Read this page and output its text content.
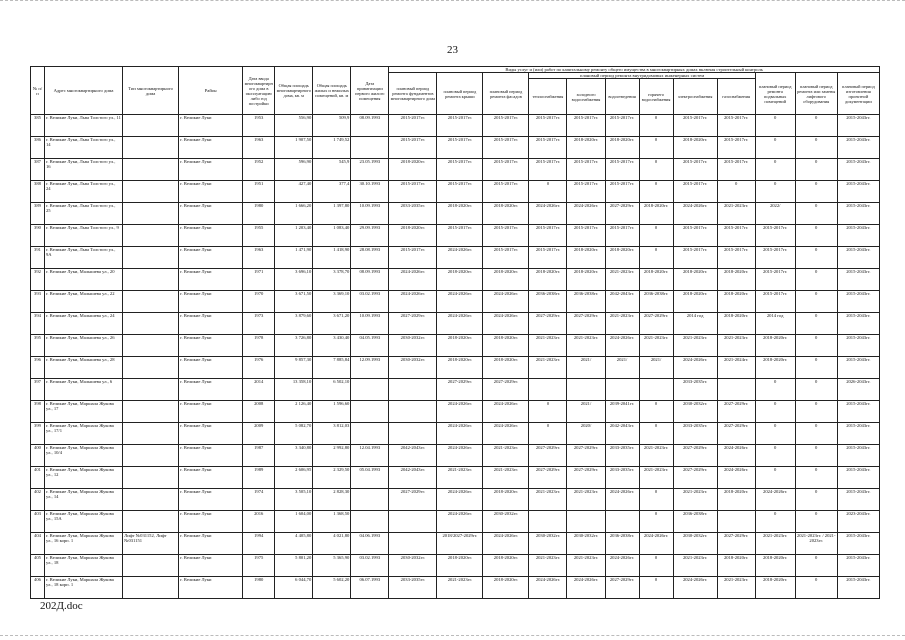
23
№ п/п	Адрес многоквартирного дома	Тип многоквартирного дома	Район	Дата ввода многоквартирного дома в эксплуатацию либо год постройки	Общая площадь многоквартирного дома, кв. м	Общая площадь жилых и нежилых помещений, кв. м	Дата приватизации первого жилого помещения	Виды услуг и (или) работ по капитальному ремонту общего имущества в многоквартирных домах включая строительный контроль											
								плановый период ремонта фундаментов многоквартирного дома	плановый период ремонта крыши	плановый период ремонта фасадов	плановый период ремонта внутридомовых инженерных систем						плановый период ремонта подвальных помещений	плановый период ремонта или замены лифтового оборудования	плановый период изготовления проектной документации
											теплоснабжения	холодного водоснабжения	водоотведения	горячего водоснабжения	электроснабжения	газоснабжения			
385	г. Великие Луки, Льва Толстого ул., 11		г. Великие Луки	1953	556,90	509,9	08.09.1993	2015-2017гг.	2015-2017гг.	2015-2017гг.	2015-2017гг.	2015-2017гг.	2015-2017гг.	0	2015-2017гг.	2015-2017гг.	0	0	2015-2043гг.
386	г. Великие Луки, Льва Толстого ул., 14		г. Великие Луки	1963	1 907,50	1 749,52		2015-2017гг.	2015-2017гг.	2015-2017гг.	2015-2017гг.	2018-2020гг.	2018-2020гг.	0	2018-2020гг.	2015-2017гг.	0	0	2015-2043гг.
387	г. Великие Луки, Льва Толстого ул., 16		г. Великие Луки	1952	596,90	545,9	23.05.1993	2018-2020гг.	2015-2017гг.	2015-2017гг.	2015-2017гг.	2015-2017гг.	2015-2017гг.	0	2015-2017гг.	2015-2017гг.	0	0	2015-2043гг.
388	г. Великие Луки, Льва Толстого ул., 24		г. Великие Луки	1951	427,40	377,4	30.10.1993	2015-2017гг.	2015-2017гг.	2015-2017гг.	0	2015-2017гг.	2015-2017гг.	0	2015-2017гг.	0	0	0	2015-2043гг.
389	г. Великие Луки, Льва Толстого ул., 25		г. Великие Луки	1980	1 666,20	1 397,80	10.09.1993	2033-2035гг.	2018-2020гг.	2018-2020гг.	2024-2026гг.	2024-2026гг.	2027-2029гг.	2018-2020гг.	2024-2026гг.	2021-2023гг.	2022/	0	2015-2043гг.
390	г. Великие Луки, Льва Толстого ул., 9		г. Великие Луки	1955	1 203,40	1 083,40	29.09.1993	2018-2020гг.	2015-2017гг.	2015-2017гг.	2015-2017гг.	2015-2017гг.	2015-2017гг.	0	2015-2017гг.	2015-2017гг.	2015-2017гг.	0	2015-2043гг.
391	г. Великие Луки, Льва Толстого ул., 9А		г. Великие Луки	1963	1 471,90	1 418,90	28.08.1993	2015-2017гг.	2024-2026гг.	2015-2017гг.	2015-2017гг.	2018-2020гг.	2018-2020гг.	0	2015-2017гг.	2015-2017гг.	2015-2017гг.	0	2015-2043гг.
392	г. Великие Луки, Малышева ул., 20		г. Великие Луки	1971	3 696,10	3 378,70	08.09.1993	2024-2026гг.	2018-2020гг.	2018-2020гг.	2018-2020гг.	2018-2020гг.	2021-2023гг.	2018-2020гг.	2018-2020гг.	2018-2020гг.	2015-2017гг.	0	2015-2043гг.
393	г. Великие Луки, Малышева ул., 22		г. Великие Луки	1970	3 671,50	3 369,10	03.02.1993	2024-2026гг.	2024-2026гг.	2024-2026гг.	2036-2038гг.	2036-2038гг.	2042-2043гг.	2036-2038гг.	2018-2020гг.	2018-2020гг.	2015-2017гг.	0	2015-2043гг.
394	г. Великие Луки, Малышева ул., 24		г. Великие Луки	1973	3 879,60	3 671,20	10.09.1993	2027-2029гг.	2024-2026гг.	2024-2026гг.	2027-2029гг.	2027-2029гг.	2021-2023гг.	2027-2029гг.	2014 год	2018-2020гг.	2014 год	0	2015-2043гг.
395	г. Великие Луки, Малышева ул., 26		г. Великие Луки	1978	3 726,80	3 430,40	04.05.1993	2030-2032гг.	2018-2020гг.	2018-2020гг.	2021-2023гг.	2021-2023гг.	2024-2026гг.	2021-2023гг.	2021-2023гг.	2021-2023гг.	2018-2020гг.	0	2015-2043гг.
396	г. Великие Луки, Малышева ул., 28		г. Великие Луки	1976	9 857,30	7 885,84	12.09.1993	2030-2032гг.	2018-2020гг.	2018-2020гг.	2021-2023гг.	2021/	2021/	2021/	2024-2026гг.	2021-2024гг.	2018-2020гг.	0	2015-2043гг.
397	г. Великие Луки, Малышева ул., 6		г. Великие Луки	2014	13 358,10	6 502,10			2027-2029гг.	2027-2029гг.					2033-2035гг.		0	0	2026-2043гг.
398	г. Великие Луки, Маршала Жукова ул., 17		г. Великие Луки	2008	2 126,40	1 596,60			2024-2026гг.	2024-2026гг.	0	2021/	2039-2041гг.	0	2030-2032гг.	2027-2029гг.	0	0	2015-2043гг.
399	г. Великие Луки, Маршала Жукова ул., 17/1		г. Великие Луки	2009	5 082,70	3 812,03			2024-2026гг.	2024-2026гг.	0	2020/	2042-2043гг.	0	2033-2035гг.	2027-2029гг.	0	0	2015-2043гг.
400	г. Великие Луки, Маршала Жукова ул., 10/4		г. Великие Луки	1987	3 340,80	2 992,80	12.04.1993	2042-2043гг.	2024-2026гг.	2021-2023гг.	2027-2029гг.	2027-2029гг.	2033-2035гг.	2021-2023гг.	2027-2029гг.	2024-2026гг.	0	0	2015-2043гг.
401	г. Великие Луки, Маршала Жукова ул., 12		г. Великие Луки	1989	2 606,95	2 329,50	05.04.1993	2042-2043гг.	2021-2023гг.	2021-2023гг.	2027-2029гг.	2027-2029гг.	2033-2035гг.	2021-2023гг.	2027-2029гг.	2024-2026гг.	0	0	2015-2043гг.
402	г. Великие Луки, Маршала Жукова ул., 14		г. Великие Луки	1974	3 505,10	2 828,30		2027-2029гг.	2024-2026гг.	2018-2020гг.	2021-2023гг.	2021-2023гг.	2024-2026гг.	0	2021-2023гг.	2018-2020гг.	2024-2026гг.	0	2015-2043гг.
403	г. Великие Луки, Маршала Жукова ул., 15А		г. Великие Луки	2016	1 604,00	1 368,50			2024-2026гг.	2030-2032гг.				0	2036-2038гг.		0	0	2023-2043гг.
404	г. Великие Луки, Маршала Жукова ул., 16 корп. 1	Лифт №031152, Лифт №031151	г. Великие Луки	1994	4 405,80	4 021,80	04.06.1993		2018/2027-2029гг.	2024-2026гг.	2030-2032гг.	2030-2032гг.	2036-2038гг.	2024-2026гг.	2030-2032гг.	2027-2029гг.	2021-2023гг.	2021-2023гг. / 2021-2023гг.	2015-2043гг.
405	г. Великие Луки, Маршала Жукова ул., 18		г. Великие Луки	1975	5 801,20	5 365,90	03.02.1993	2030-2032гг.	2018-2020гг.	2018-2020гг.	2021-2023гг.	2021-2023гг.	2024-2026гг.	0	2021-2023гг.	2018-2020гг.	2018-2020гг.	0	2015-2043гг.
406	г. Великие Луки, Маршала Жукова ул., 18 корп. 1		г. Великие Луки	1980	6 044,70	5 602,20	06.07.1993	2033-2035гг.	2021-2023гг.	2018-2020гг.	2024-2026гг.	2024-2026гг.	2027-2029гг.	0	2024-2026гг.	2021-2023гг.	2018-2020гг.	0	2015-2043гг.
202Д.doc
